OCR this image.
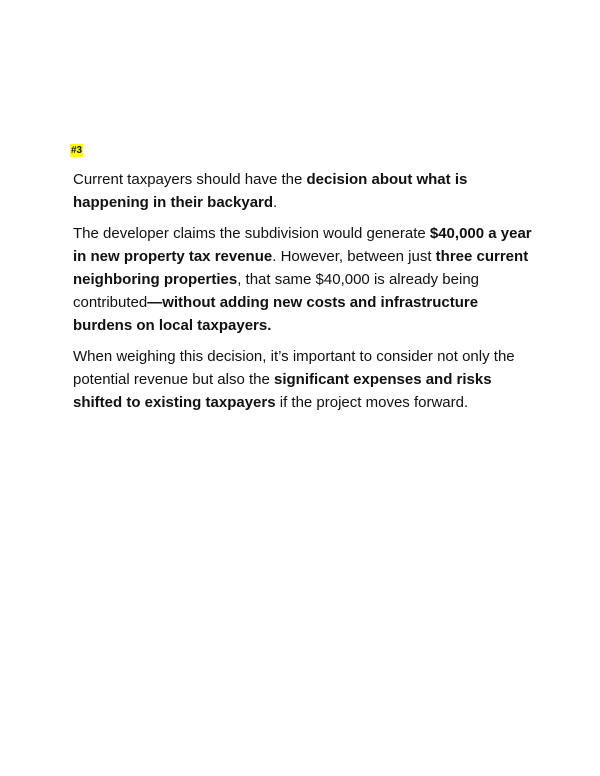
#3

Current taxpayers should have the decision about what is happening in their backyard.

The developer claims the subdivision would generate $40,000 a year in new property tax revenue. However, between just three current neighboring properties, that same $40,000 is already being contributed—without adding new costs and infrastructure burdens on local taxpayers.

When weighing this decision, it’s important to consider not only the potential revenue but also the significant expenses and risks shifted to existing taxpayers if the project moves forward.
